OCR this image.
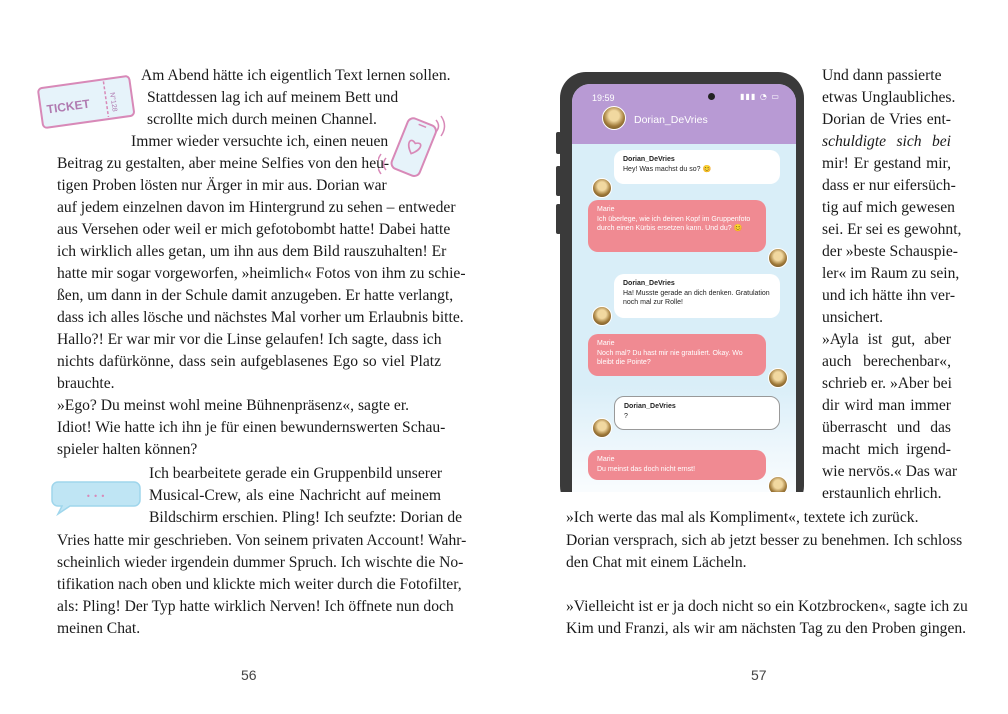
TICKET N°128
• • •
Am Abend hätte ich eigentlich Text lernen sollen.
Stattdessen lag ich auf meinem Bett und
scrollte mich durch meinen Channel.
Immer wieder versuchte ich, einen neuen
Beitrag zu gestalten, aber meine Selfies von den heu-
tigen Proben lösten nur Ärger in mir aus. Dorian war
auf jedem einzelnen davon im Hintergrund zu sehen – entweder
aus Versehen oder weil er mich gefotobombt hatte! Dabei hatte
ich wirklich alles getan, um ihn aus dem Bild rauszuhalten! Er
hatte mir sogar vorgeworfen, »heimlich« Fotos von ihm zu schie-
ßen, um dann in der Schule damit anzugeben. Er hatte verlangt,
dass ich alles lösche und nächstes Mal vorher um Erlaubnis bitte.
Hallo?! Er war mir vor die Linse gelaufen! Ich sagte, dass ich
nichts dafürkönne, dass sein aufgeblasenes Ego so viel Platz
brauchte.
»Ego? Du meinst wohl meine Bühnenpräsenz«, sagte er.
Idiot! Wie hatte ich ihn je für einen bewundernswerten Schau-
spieler halten können?
Ich bearbeitete gerade ein Gruppenbild unserer
Musical-Crew, als eine Nachricht auf meinem
Bildschirm erschien. Pling! Ich seufzte: Dorian de
Vries hatte mir geschrieben. Von seinem privaten Account! Wahr-
scheinlich wieder irgendein dummer Spruch. Ich wischte die No-
tifikation nach oben und klickte mich weiter durch die Fotofilter,
als: Pling! Der Typ hatte wirklich Nerven! Ich öffnete nun doch
meinen Chat.
56
19:59	▮▮▮ ◔ ▭
Dorian_DeVries
Dorian_DeVries
Hey! Was machst du so? 😊
Marie
Ich überlege, wie ich deinen Kopf im Gruppenfoto durch einen Kürbis ersetzen kann. Und du? 😊
Dorian_DeVries
Ha! Musste gerade an dich denken. Gratulation noch mal zur Rolle!
Marie
Noch mal? Du hast mir nie gratuliert. Okay. Wo bleibt die Pointe?
Dorian_DeVries
?
Marie
Du meinst das doch nicht ernst!
Und dann passierte
etwas Unglaubliches.
Dorian de Vries ent-
schuldigte sich bei
mir! Er gestand mir,
dass er nur eifersüch-
tig auf mich gewesen
sei. Er sei es gewohnt,
der »beste Schauspie-
ler« im Raum zu sein,
und ich hätte ihn ver-
unsichert.
»Ayla ist gut, aber
auch berechenbar«,
schrieb er. »Aber bei
dir wird man immer
überrascht und das
macht mich irgend-
wie nervös.« Das war
erstaunlich ehrlich.
»Ich werte das mal als Kompliment«, textete ich zurück.
Dorian versprach, sich ab jetzt besser zu benehmen. Ich schloss
den Chat mit einem Lächeln.
»Vielleicht ist er ja doch nicht so ein Kotzbrocken«, sagte ich zu
Kim und Franzi, als wir am nächsten Tag zu den Proben gingen.
57
